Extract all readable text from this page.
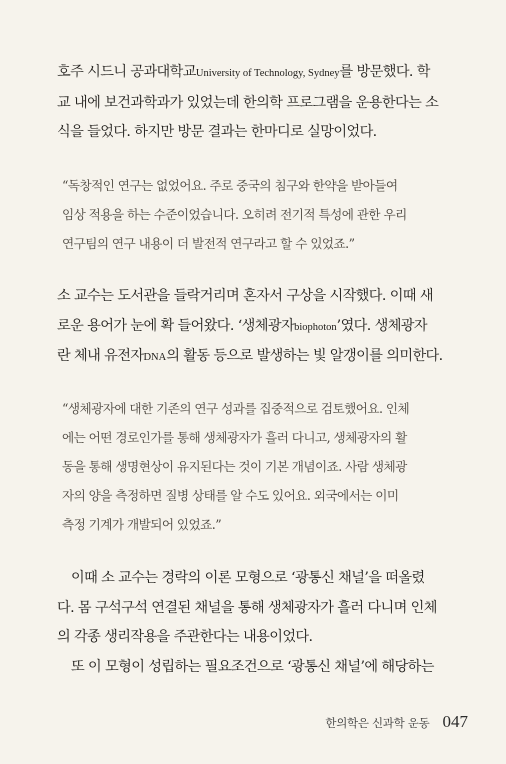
호주 시드니 공과대학교University of Technology, Sydney를 방문했다. 학
교 내에 보건과학과가 있었는데 한의학 프로그램을 운용한다는 소
식을 들었다. 하지만 방문 결과는 한마디로 실망이었다.
“독창적인 연구는 없었어요. 주로 중국의 침구와 한약을 받아들여
임상 적용을 하는 수준이었습니다. 오히려 전기적 특성에 관한 우리
연구팀의 연구 내용이 더 발전적 연구라고 할 수 있었죠.”
소 교수는 도서관을 들락거리며 혼자서 구상을 시작했다. 이때 새
로운 용어가 눈에 확 들어왔다. ‘생체광자biophoton’였다. 생체광자
란 체내 유전자DNA의 활동 등으로 발생하는 빛 알갱이를 의미한다.
“생체광자에 대한 기존의 연구 성과를 집중적으로 검토했어요. 인체
에는 어떤 경로인가를 통해 생체광자가 흘러 다니고, 생체광자의 활
동을 통해 생명현상이 유지된다는 것이 기본 개념이죠. 사람 생체광
자의 양을 측정하면 질병 상태를 알 수도 있어요. 외국에서는 이미
측정 기계가 개발되어 있었죠.”
이때 소 교수는 경락의 이론 모형으로 ‘광통신 채널’을 떠올렸
다. 몸 구석구석 연결된 채널을 통해 생체광자가 흘러 다니며 인체
의 각종 생리작용을 주관한다는 내용이었다.
또 이 모형이 성립하는 필요조건으로 ‘광통신 채널’에 해당하는
한의학은 신과학 운동 047
